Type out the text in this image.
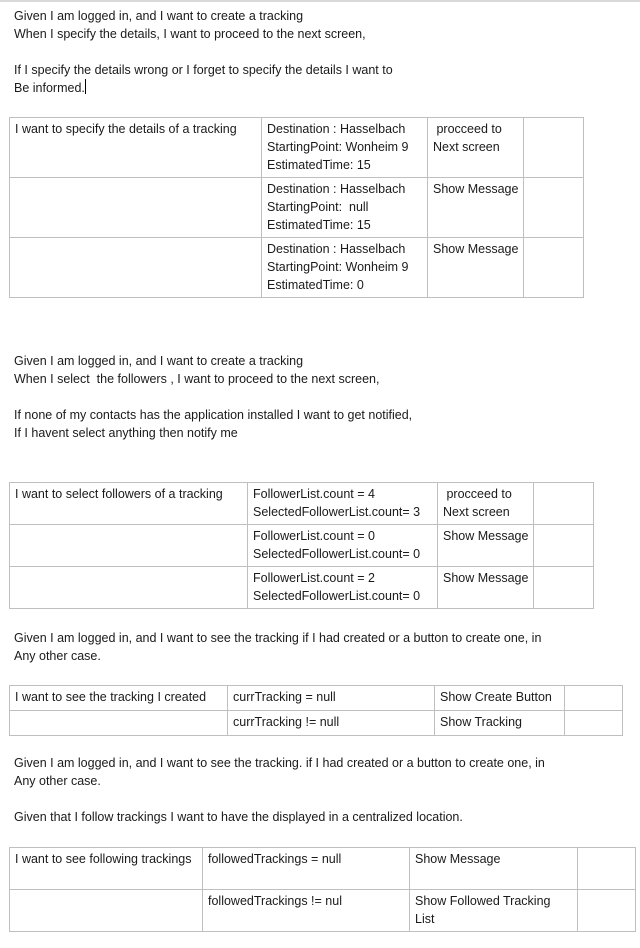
Given I am logged in, and I want to create a tracking
When I specify the details, I want to proceed to the next screen,

If I specify the details wrong or I forget to specify the details I want to
Be informed.

I want to specify the details of a tracking	Destination : Hasselbach
StartingPoint: Wonheim 9
EstimatedTime: 15	procceed to
Next screen	

	Destination : Hasselbach
StartingPoint:  null
EstimatedTime: 15	Show Message	

	Destination : Hasselbach
StartingPoint: Wonheim 9
EstimatedTime: 0	Show Message	

Given I am logged in, and I want to create a tracking
When I select  the followers , I want to proceed to the next screen,

If none of my contacts has the application installed I want to get notified,
If I havent select anything then notify me

I want to select followers of a tracking	FollowerList.count = 4
SelectedFollowerList.count= 3	procceed to
Next screen	

	FollowerList.count = 0
SelectedFollowerList.count= 0	Show Message	

	FollowerList.count = 2
SelectedFollowerList.count= 0	Show Message	

Given I am logged in, and I want to see the tracking if I had created or a button to create one, in
Any other case.

I want to see the tracking I created	currTracking = null	Show Create Button	
	currTracking != null	Show Tracking	

Given I am logged in, and I want to see the tracking. if I had created or a button to create one, in
Any other case.

Given that I follow trackings I want to have the displayed in a centralized location.

I want to see following trackings	followedTrackings = null	Show Message	
	followedTrackings != nul	Show Followed Tracking List	
